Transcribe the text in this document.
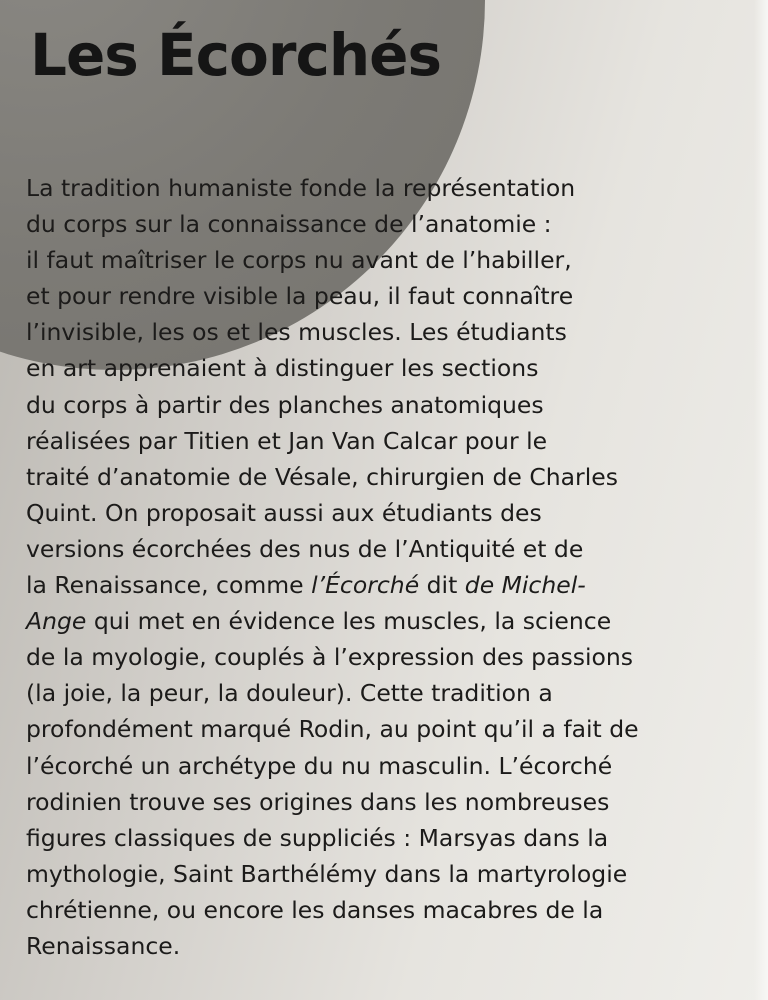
Les Écorchés
La tradition humaniste fonde la représentation
du corps sur la connaissance de l’anatomie :
il faut maîtriser le corps nu avant de l’habiller,
et pour rendre visible la peau, il faut connaître
l’invisible, les os et les muscles. Les étudiants
en art apprenaient à distinguer les sections
du corps à partir des planches anatomiques
réalisées par Titien et Jan Van Calcar pour le
traité d’anatomie de Vésale, chirurgien de Charles
Quint. On proposait aussi aux étudiants des
versions écorchées des nus de l’Antiquité et de
la Renaissance, comme l’Écorché dit de Michel-
Ange qui met en évidence les muscles, la science
de la myologie, couplés à l’expression des passions
(la joie, la peur, la douleur). Cette tradition a
profondément marqué Rodin, au point qu’il a fait de
l’écorché un archétype du nu masculin. L’écorché
rodinien trouve ses origines dans les nombreuses
figures classiques de suppliciés : Marsyas dans la
mythologie, Saint Barthélémy dans la martyrologie
chrétienne, ou encore les danses macabres de la
Renaissance.
